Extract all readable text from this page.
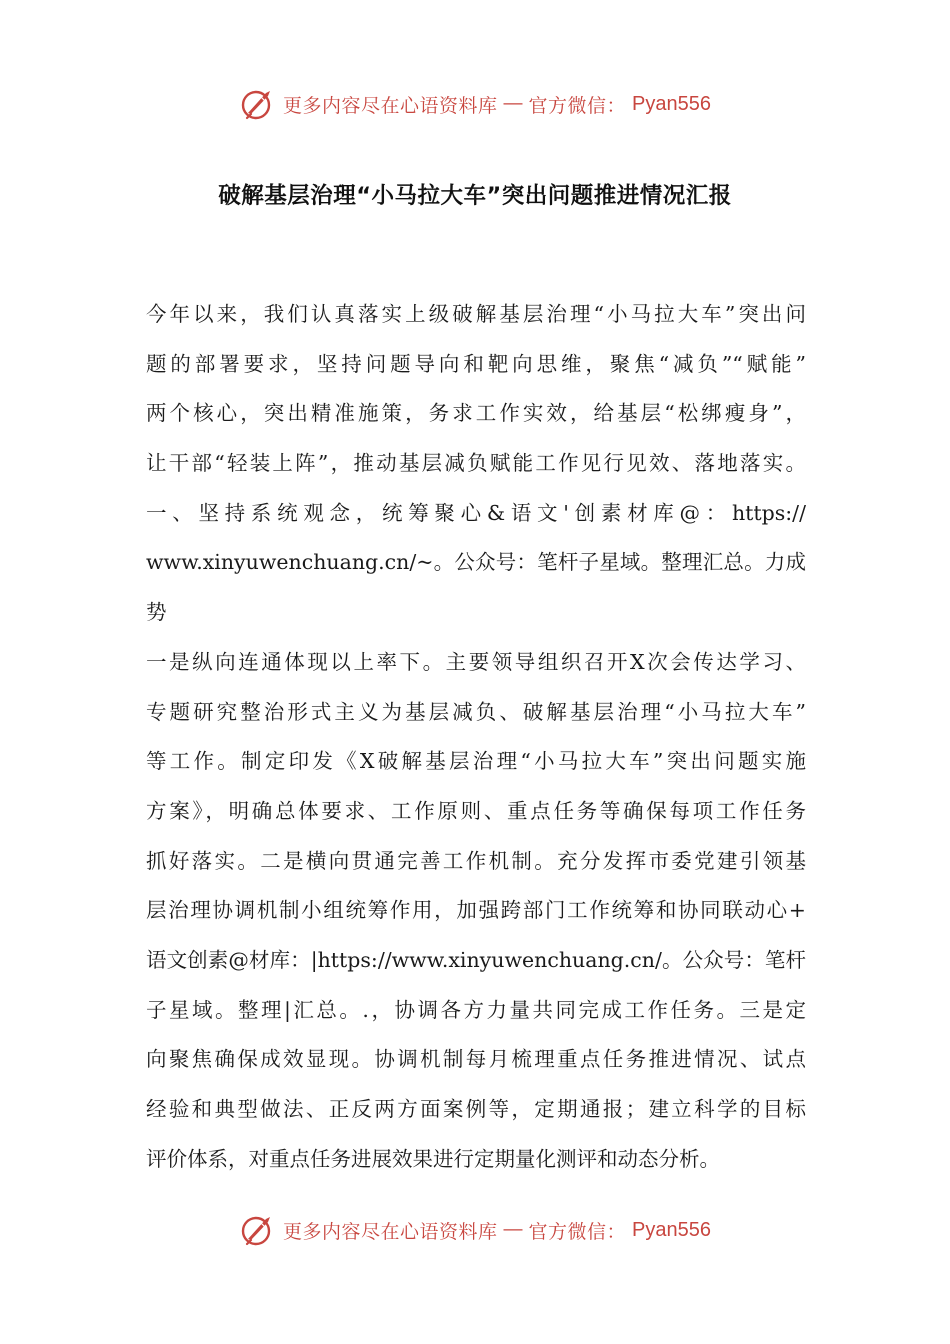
更多内容尽在心语资料库 — 官方微信： Pyan556
破解基层治理“小马拉大车”突出问题推进情况汇报
今年以来，我们认真落实上级破解基层治理“小马拉大车”突出问
题的部署要求，坚持问题导向和靶向思维，聚焦“减负”“赋能”
两个核心，突出精准施策，务求工作实效，给基层“松绑瘦身”，
让干部“轻装上阵”，推动基层减负赋能工作见行见效、落地落实。
一、坚持系统观念，统筹聚心&语文'创素材库@：https://
www.xinyuwenchuang.cn/~。公众号：笔杆子星域。整理汇总。力成
势
一是纵向连通体现以上率下。主要领导组织召开X次会传达学习、
专题研究整治形式主义为基层减负、破解基层治理“小马拉大车”
等工作。制定印发《X破解基层治理“小马拉大车”突出问题实施
方案》，明确总体要求、工作原则、重点任务等确保每项工作任务
抓好落实。二是横向贯通完善工作机制。充分发挥市委党建引领基
层治理协调机制小组统筹作用，加强跨部门工作统筹和协同联动心+
语文创素@材库：|https://www.xinyuwenchuang.cn/。公众号：笔杆
子星域。整理|汇总。.，协调各方力量共同完成工作任务。三是定
向聚焦确保成效显现。协调机制每月梳理重点任务推进情况、试点
经验和典型做法、正反两方面案例等，定期通报；建立科学的目标
评价体系，对重点任务进展效果进行定期量化测评和动态分析。
更多内容尽在心语资料库 — 官方微信： Pyan556
